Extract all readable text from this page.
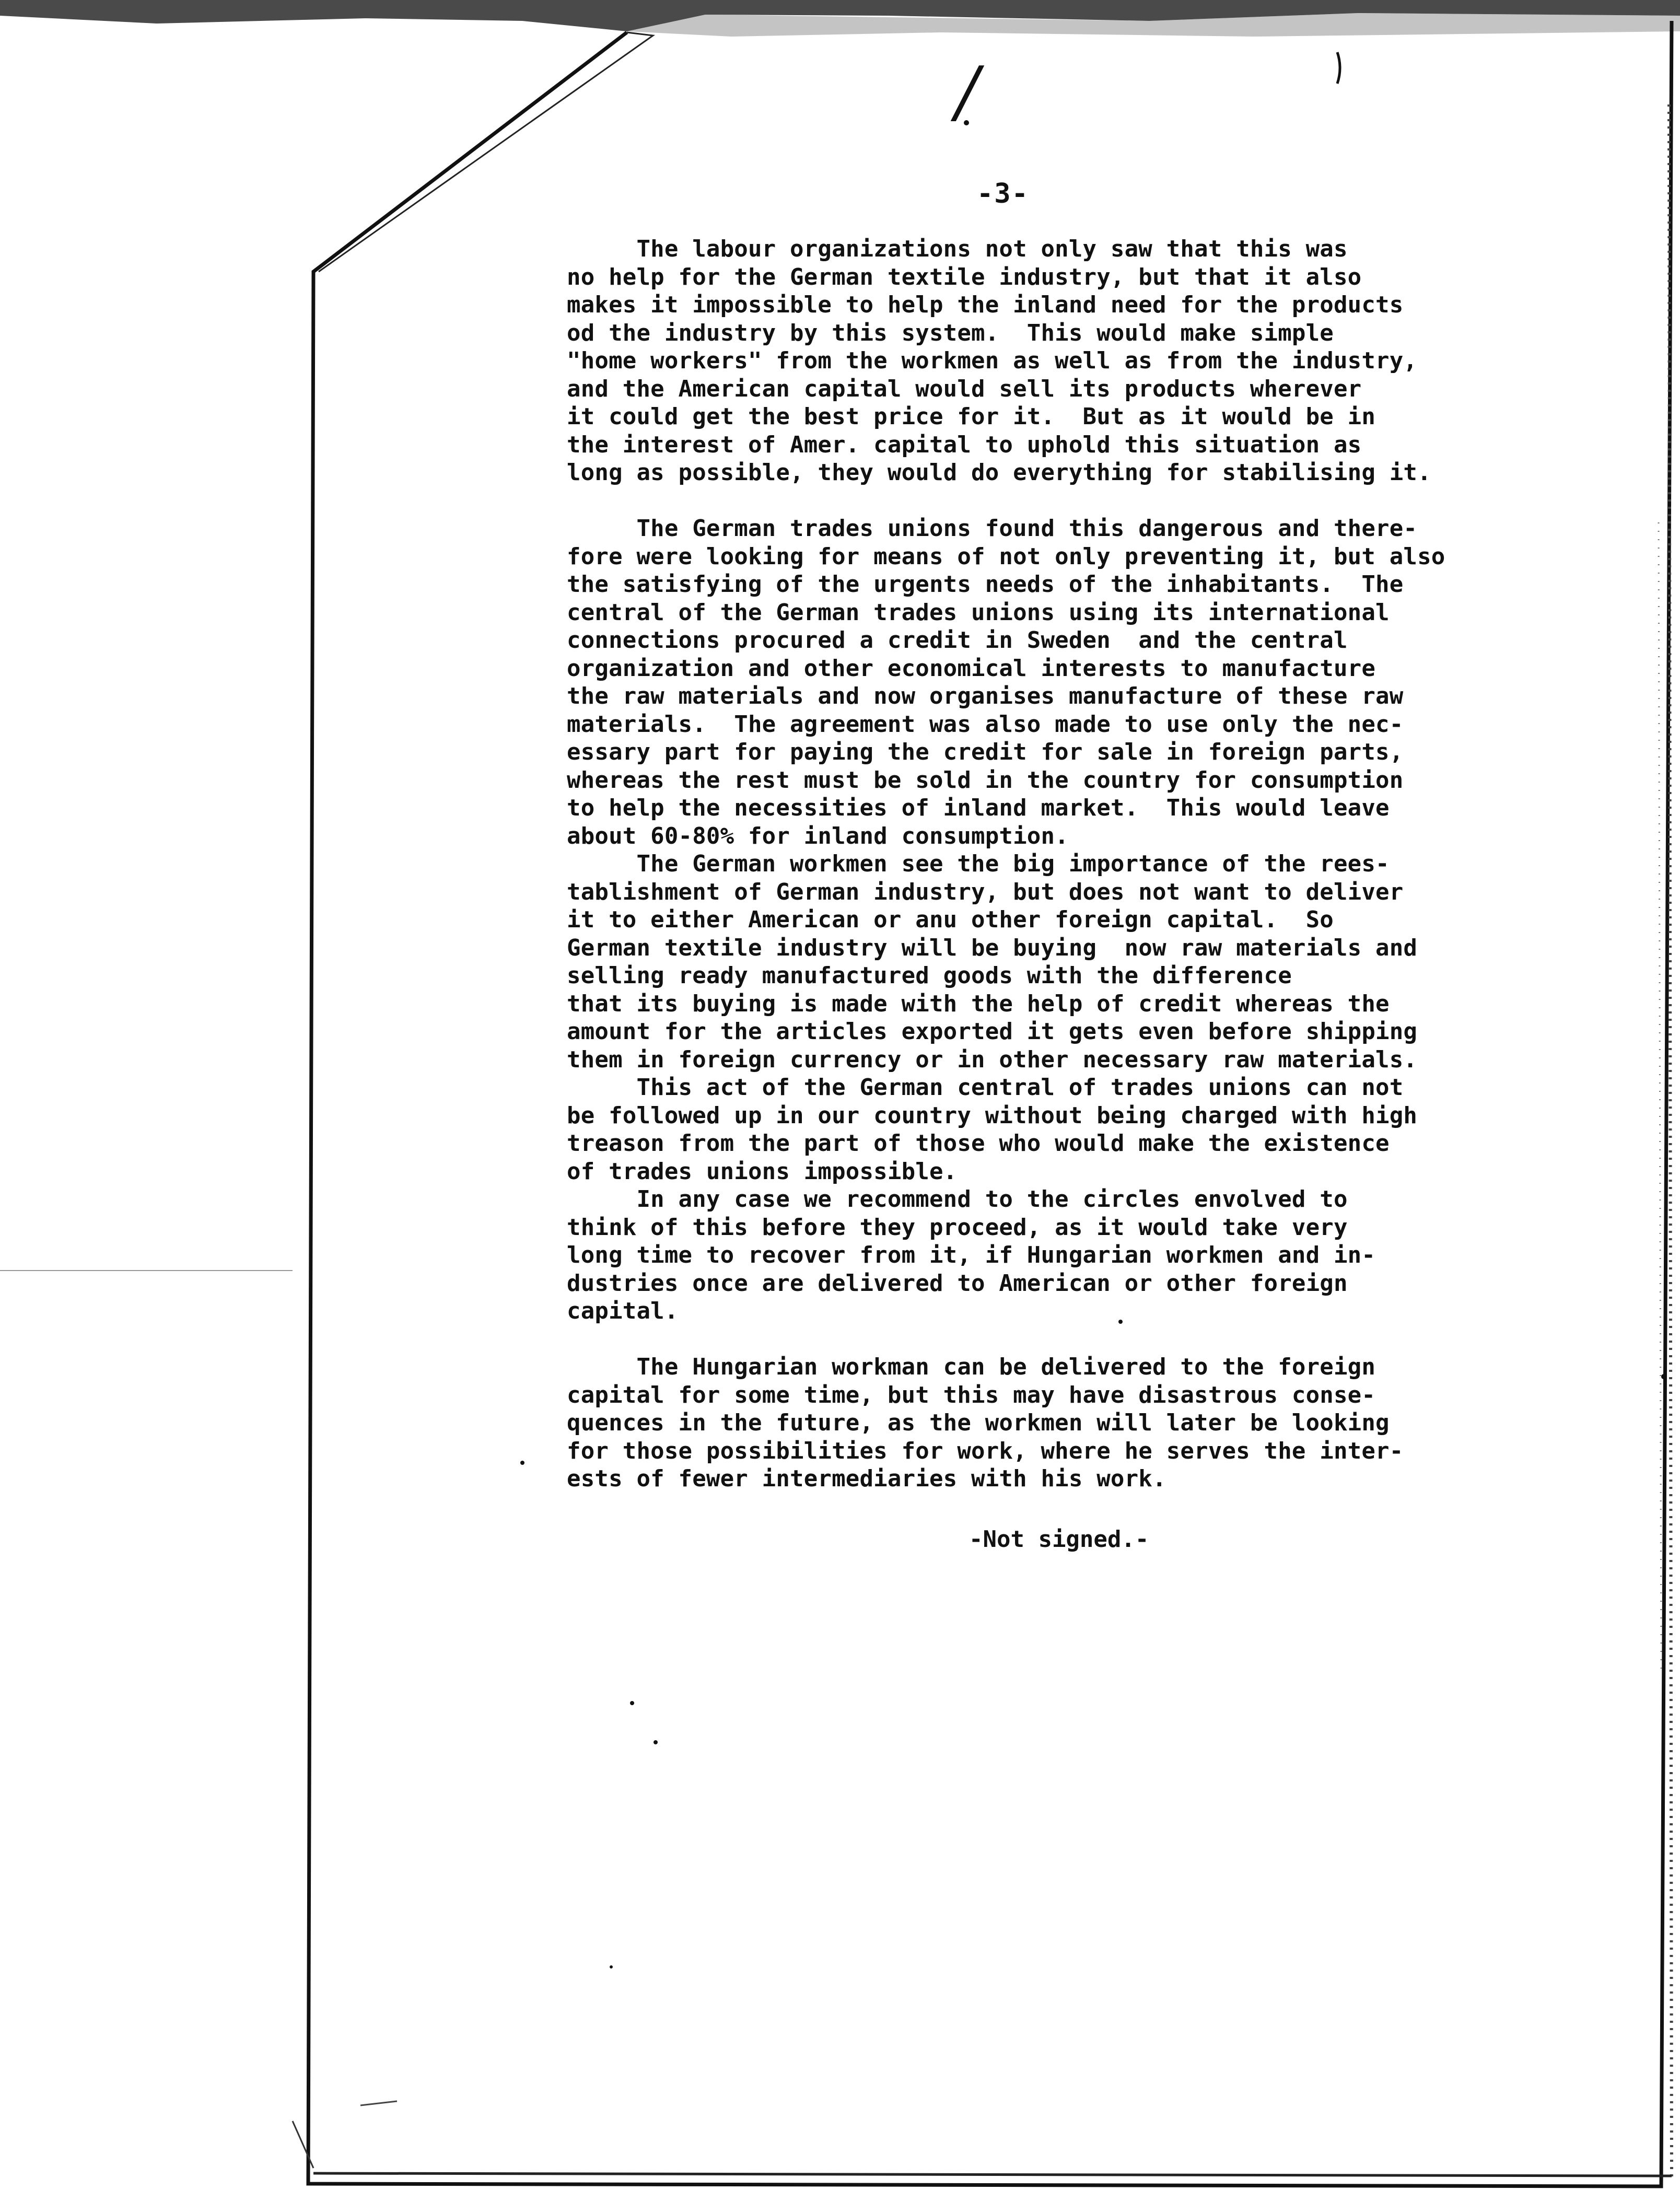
/
-3-
The labour organizations not only saw that this was
no help for the German textile industry, but that it also
makes it impossible to help the inland need for the products
od the industry by this system.  This would make simple
"home workers" from the workmen as well as from the industry,
and the American capital would sell its products wherever
it could get the best price for it.  But as it would be in
the interest of Amer. capital to uphold this situation as
long as possible, they would do everything for stabilising it.
The German trades unions found this dangerous and there-
fore were looking for means of not only preventing it, but also
the satisfying of the urgents needs of the inhabitants.  The
central of the German trades unions using its international
connections procured a credit in Sweden  and the central
organization and other economical interests to manufacture
the raw materials and now organises manufacture of these raw
materials.  The agreement was also made to use only the nec-
essary part for paying the credit for sale in foreign parts,
whereas the rest must be sold in the country for consumption
to help the necessities of inland market.  This would leave
about 60-80% for inland consumption.
The German workmen see the big importance of the rees-
tablishment of German industry, but does not want to deliver
it to either American or anu other foreign capital.  So
German textile industry will be buying  now raw materials and
selling ready manufactured goods with the difference
that its buying is made with the help of credit whereas the
amount for the articles exported it gets even before shipping
them in foreign currency or in other necessary raw materials.
This act of the German central of trades unions can not
be followed up in our country without being charged with high
treason from the part of those who would make the existence
of trades unions impossible.
In any case we recommend to the circles envolved to
think of this before they proceed, as it would take very
long time to recover from it, if Hungarian workmen and in-
dustries once are delivered to American or other foreign
capital.
The Hungarian workman can be delivered to the foreign
capital for some time, but this may have disastrous conse-
quences in the future, as the workmen will later be looking
for those possibilities for work, where he serves the inter-
ests of fewer intermediaries with his work.
-Not signed.-
